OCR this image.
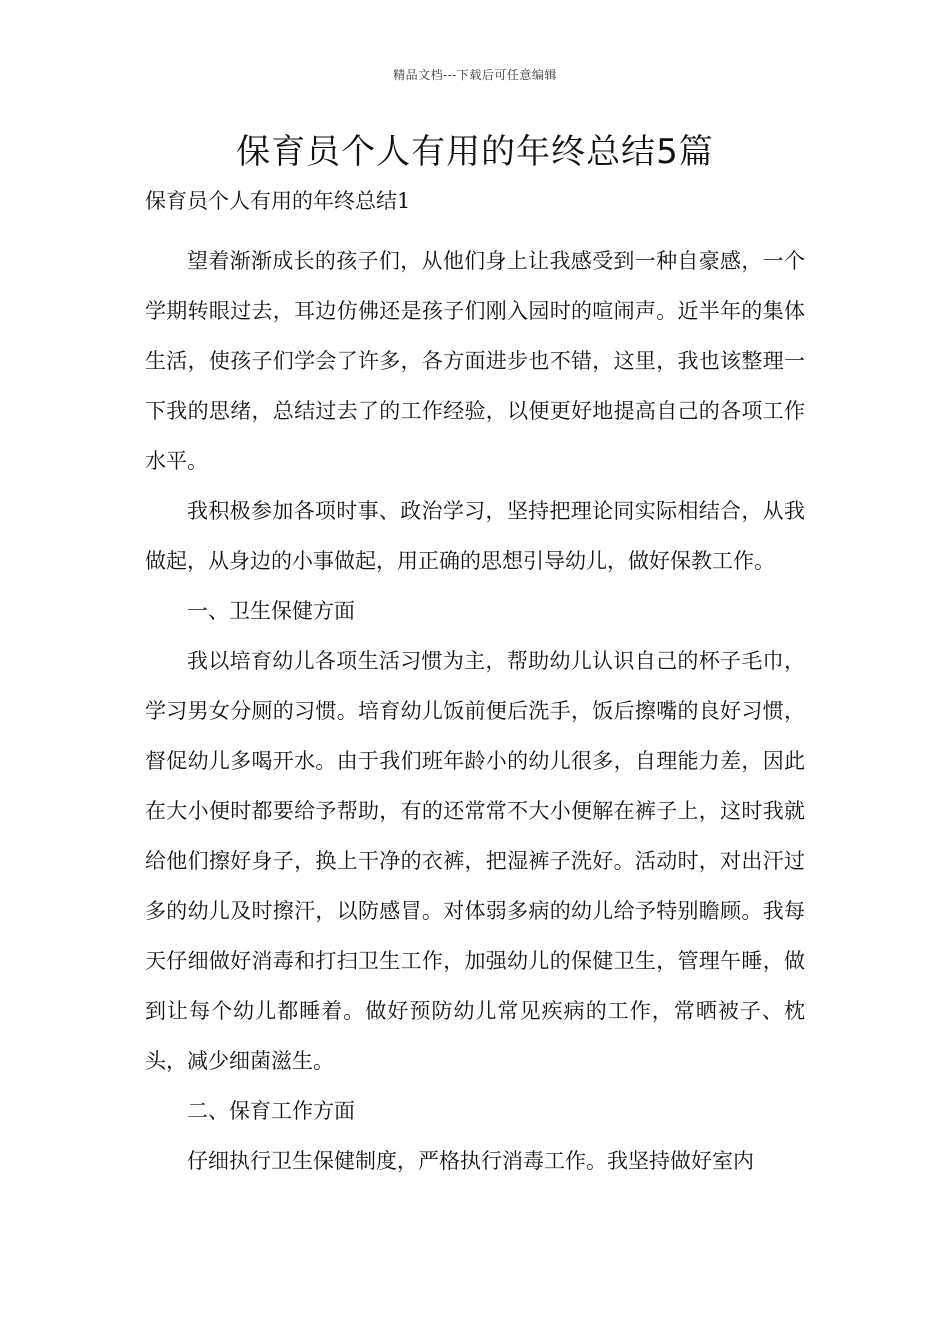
精品文档---下载后可任意编辑
保育员个人有用的年终总结5篇
保育员个人有用的年终总结1

望着渐渐成长的孩子们，从他们身上让我感受到一种自豪感，一个学期转眼过去，耳边仿佛还是孩子们刚入园时的喧闹声。近半年的集体生活，使孩子们学会了许多，各方面进步也不错，这里，我也该整理一下我的思绪，总结过去了的工作经验，以便更好地提高自己的各项工作水平。

我积极参加各项时事、政治学习，坚持把理论同实际相结合，从我做起，从身边的小事做起，用正确的思想引导幼儿，做好保教工作。

一、卫生保健方面

我以培育幼儿各项生活习惯为主，帮助幼儿认识自己的杯子毛巾，学习男女分厕的习惯。培育幼儿饭前便后洗手，饭后擦嘴的良好习惯，督促幼儿多喝开水。由于我们班年龄小的幼儿很多，自理能力差，因此在大小便时都要给予帮助，有的还常常不大小便解在裤子上，这时我就给他们擦好身子，换上干净的衣裤，把湿裤子洗好。活动时，对出汗过多的幼儿及时擦汗，以防感冒。对体弱多病的幼儿给予特别瞻顾。我每天仔细做好消毒和打扫卫生工作，加强幼儿的保健卫生，管理午睡，做到让每个幼儿都睡着。做好预防幼儿常见疾病的工作，常晒被子、枕头，减少细菌滋生。

二、保育工作方面

仔细执行卫生保健制度，严格执行消毒工作。我坚持做好室内
